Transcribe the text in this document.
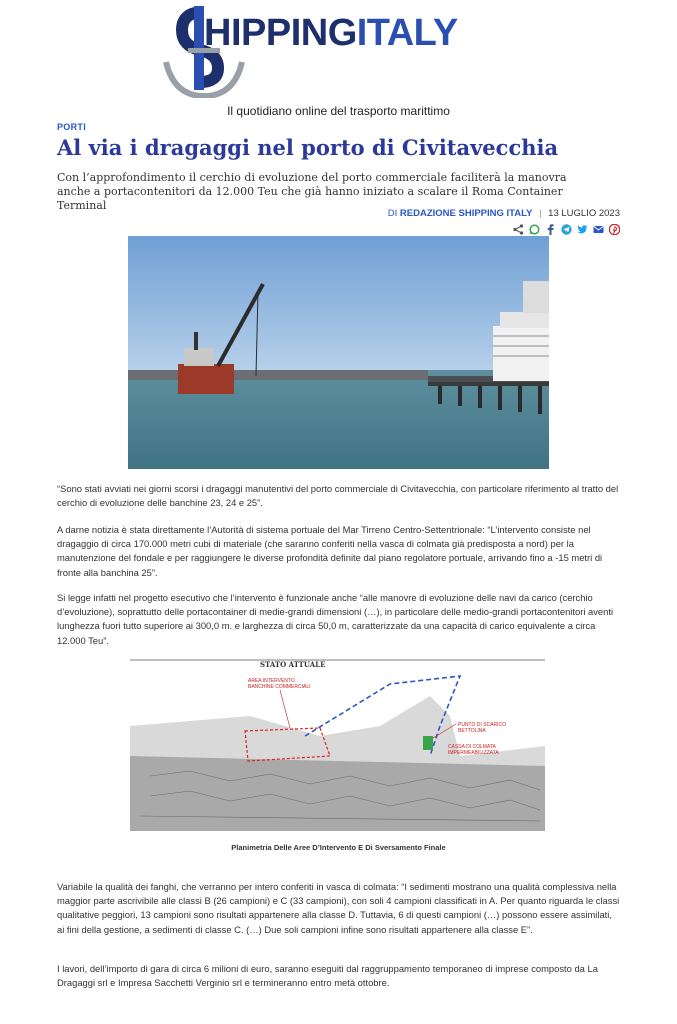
HIPPINGITALY
Il quotidiano online del trasporto marittimo
PORTI
Al via i dragaggi nel porto di Civitavecchia
Con l’approfondimento il cerchio di evoluzione del porto commerciale faciliterà la manovra anche a portacontenitori da 12.000 Teu che già hanno iniziato a scalare il Roma Container Terminal
DI REDAZIONE SHIPPING ITALY | 13 LUGLIO 2023
“Sono stati avviati nei giorni scorsi i dragaggi manutentivi del porto commerciale di Civitavecchia, con particolare riferimento al tratto del cerchio di evoluzione delle banchine 23, 24 e 25”.
A darne notizia è stata direttamente l’Autorità di sistema portuale del Mar Tirreno Centro-Settentrionale: “L’intervento consiste nel dragaggio di circa 170.000 metri cubi di materiale (che saranno conferiti nella vasca di colmata già predisposta a nord) per la manutenzione del fondale e per raggiungere le diverse profondità definite dal piano regolatore portuale, arrivando fino a -15 metri di fronte alla banchina 25”.
Si legge infatti nel progetto esecutivo che l’intervento è funzionale anche “alle manovre di evoluzione delle navi da carico (cerchio d’evoluzione), soprattutto delle portacontainer di medie-grandi dimensioni (…), in particolare delle medio-grandi portacontenitori aventi lunghezza fuori tutto superiore ai 300,0 m. e larghezza di circa 50,0 m, caratterizzate da una capacità di carico equivalente a circa 12.000 Teu”.
STATO ATTUALE
AREA INTERVENTO
BANCHINE COMMERCIALI
PUNTO DI SCARICO
BETTOLINA
CASSA DI COLMATA
IMPERMEABILIZZATA
Planimetria Delle Aree D’Intervento E Di Sversamento Finale
Variabile la qualità dei fanghi, che verranno per intero conferiti in vasca di colmata: “I sedimenti mostrano una qualità complessiva nella maggior parte ascrivibile alle classi B (26 campioni) e C (33 campioni), con soli 4 campioni classificati in A. Per quanto riguarda le classi qualitative peggiori, 13 campioni sono risultati appartenere alla classe D. Tuttavia, 6 di questi campioni (…) possono essere assimilati, ai fini della gestione, a sedimenti di classe C. (…) Due soli campioni infine sono risultati appartenere alla classe E”.
I lavori, dell’importo di gara di circa 6 milioni di euro, saranno eseguiti dal raggruppamento temporaneo di imprese composto da La Dragaggi srl e Impresa Sacchetti Verginio srl e termineranno entro metà ottobre.
